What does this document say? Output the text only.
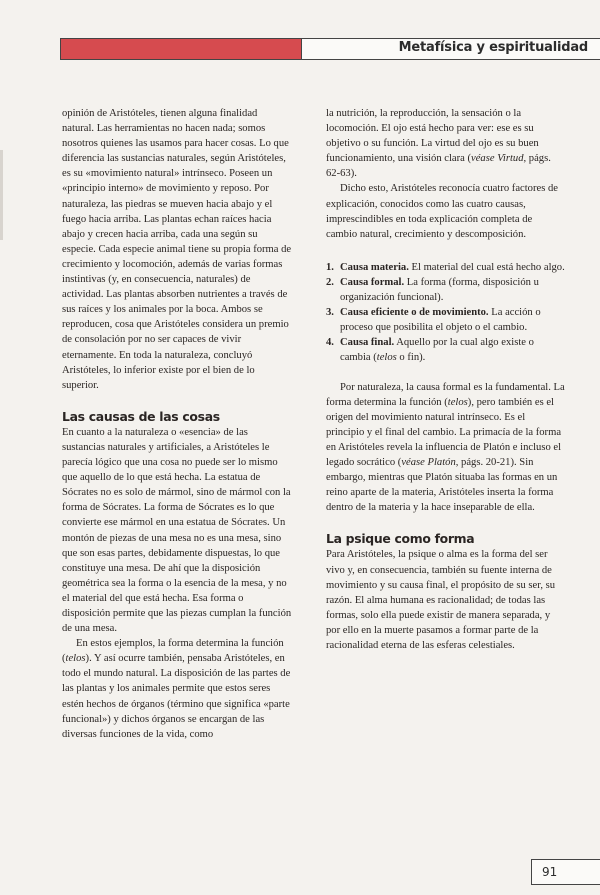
Metafísica y espiritualidad

opinión de Aristóteles, tienen alguna finalidad natural. Las herramientas no hacen nada; somos nosotros quienes las usamos para hacer cosas. Lo que diferencia las sustancias naturales, según Aristóteles, es su «movimiento natural» intrínseco. Poseen un «principio interno» de movimiento y reposo. Por naturaleza, las piedras se mueven hacia abajo y el fuego hacia arriba. Las plantas echan raíces hacia abajo y crecen hacia arriba, cada una según su especie. Cada especie animal tiene su propia forma de crecimiento y locomoción, además de varias formas instintivas (y, en consecuencia, naturales) de actividad. Las plantas absorben nutrientes a través de sus raíces y los animales por la boca. Ambos se reproducen, cosa que Aristóteles considera un premio de consolación por no ser capaces de vivir eternamente. En toda la naturaleza, concluyó Aristóteles, lo inferior existe por el bien de lo superior.

Las causas de las cosas

En cuanto a la naturaleza o «esencia» de las sustancias naturales y artificiales, a Aristóteles le parecía lógico que una cosa no puede ser lo mismo que aquello de lo que está hecha. La estatua de Sócrates no es solo de mármol, sino de mármol con la forma de Sócrates. La forma de Sócrates es lo que convierte ese mármol en una estatua de Sócrates. Un montón de piezas de una mesa no es una mesa, sino que son esas partes, debidamente dispuestas, lo que constituye una mesa. De ahí que la disposición geométrica sea la forma o la esencia de la mesa, y no el material del que está hecha. Esa forma o disposición permite que las piezas cumplan la función de una mesa.

En estos ejemplos, la forma determina la función (telos). Y así ocurre también, pensaba Aristóteles, en todo el mundo natural. La disposición de las partes de las plantas y los animales permite que estos seres estén hechos de órganos (término que significa «parte funcional») y dichos órganos se encargan de las diversas funciones de la vida, como

la nutrición, la reproducción, la sensación o la locomoción. El ojo está hecho para ver: ese es su objetivo o su función. La virtud del ojo es su buen funcionamiento, una visión clara (véase Virtud, págs. 62-63).

Dicho esto, Aristóteles reconocía cuatro factores de explicación, conocidos como las cuatro causas, imprescindibles en toda explicación completa de cambio natural, crecimiento y descomposición.

1. Causa materia. El material del cual está hecho algo.
2. Causa formal. La forma (forma, disposición u organización funcional).
3. Causa eficiente o de movimiento. La acción o proceso que posibilita el objeto o el cambio.
4. Causa final. Aquello por la cual algo existe o cambia (telos o fin).

Por naturaleza, la causa formal es la fundamental. La forma determina la función (telos), pero también es el origen del movimiento natural intrínseco. Es el principio y el final del cambio. La primacía de la forma en Aristóteles revela la influencia de Platón e incluso el legado socrático (véase Platón, págs. 20-21). Sin embargo, mientras que Platón situaba las formas en un reino aparte de la materia, Aristóteles inserta la forma dentro de la materia y la hace inseparable de ella.

La psique como forma

Para Aristóteles, la psique o alma es la forma del ser vivo y, en consecuencia, también su fuente interna de movimiento y su causa final, el propósito de su ser, su razón. El alma humana es racionalidad; de todas las formas, solo ella puede existir de manera separada, y por ello en la muerte pasamos a formar parte de la racionalidad eterna de las esferas celestiales.

91
